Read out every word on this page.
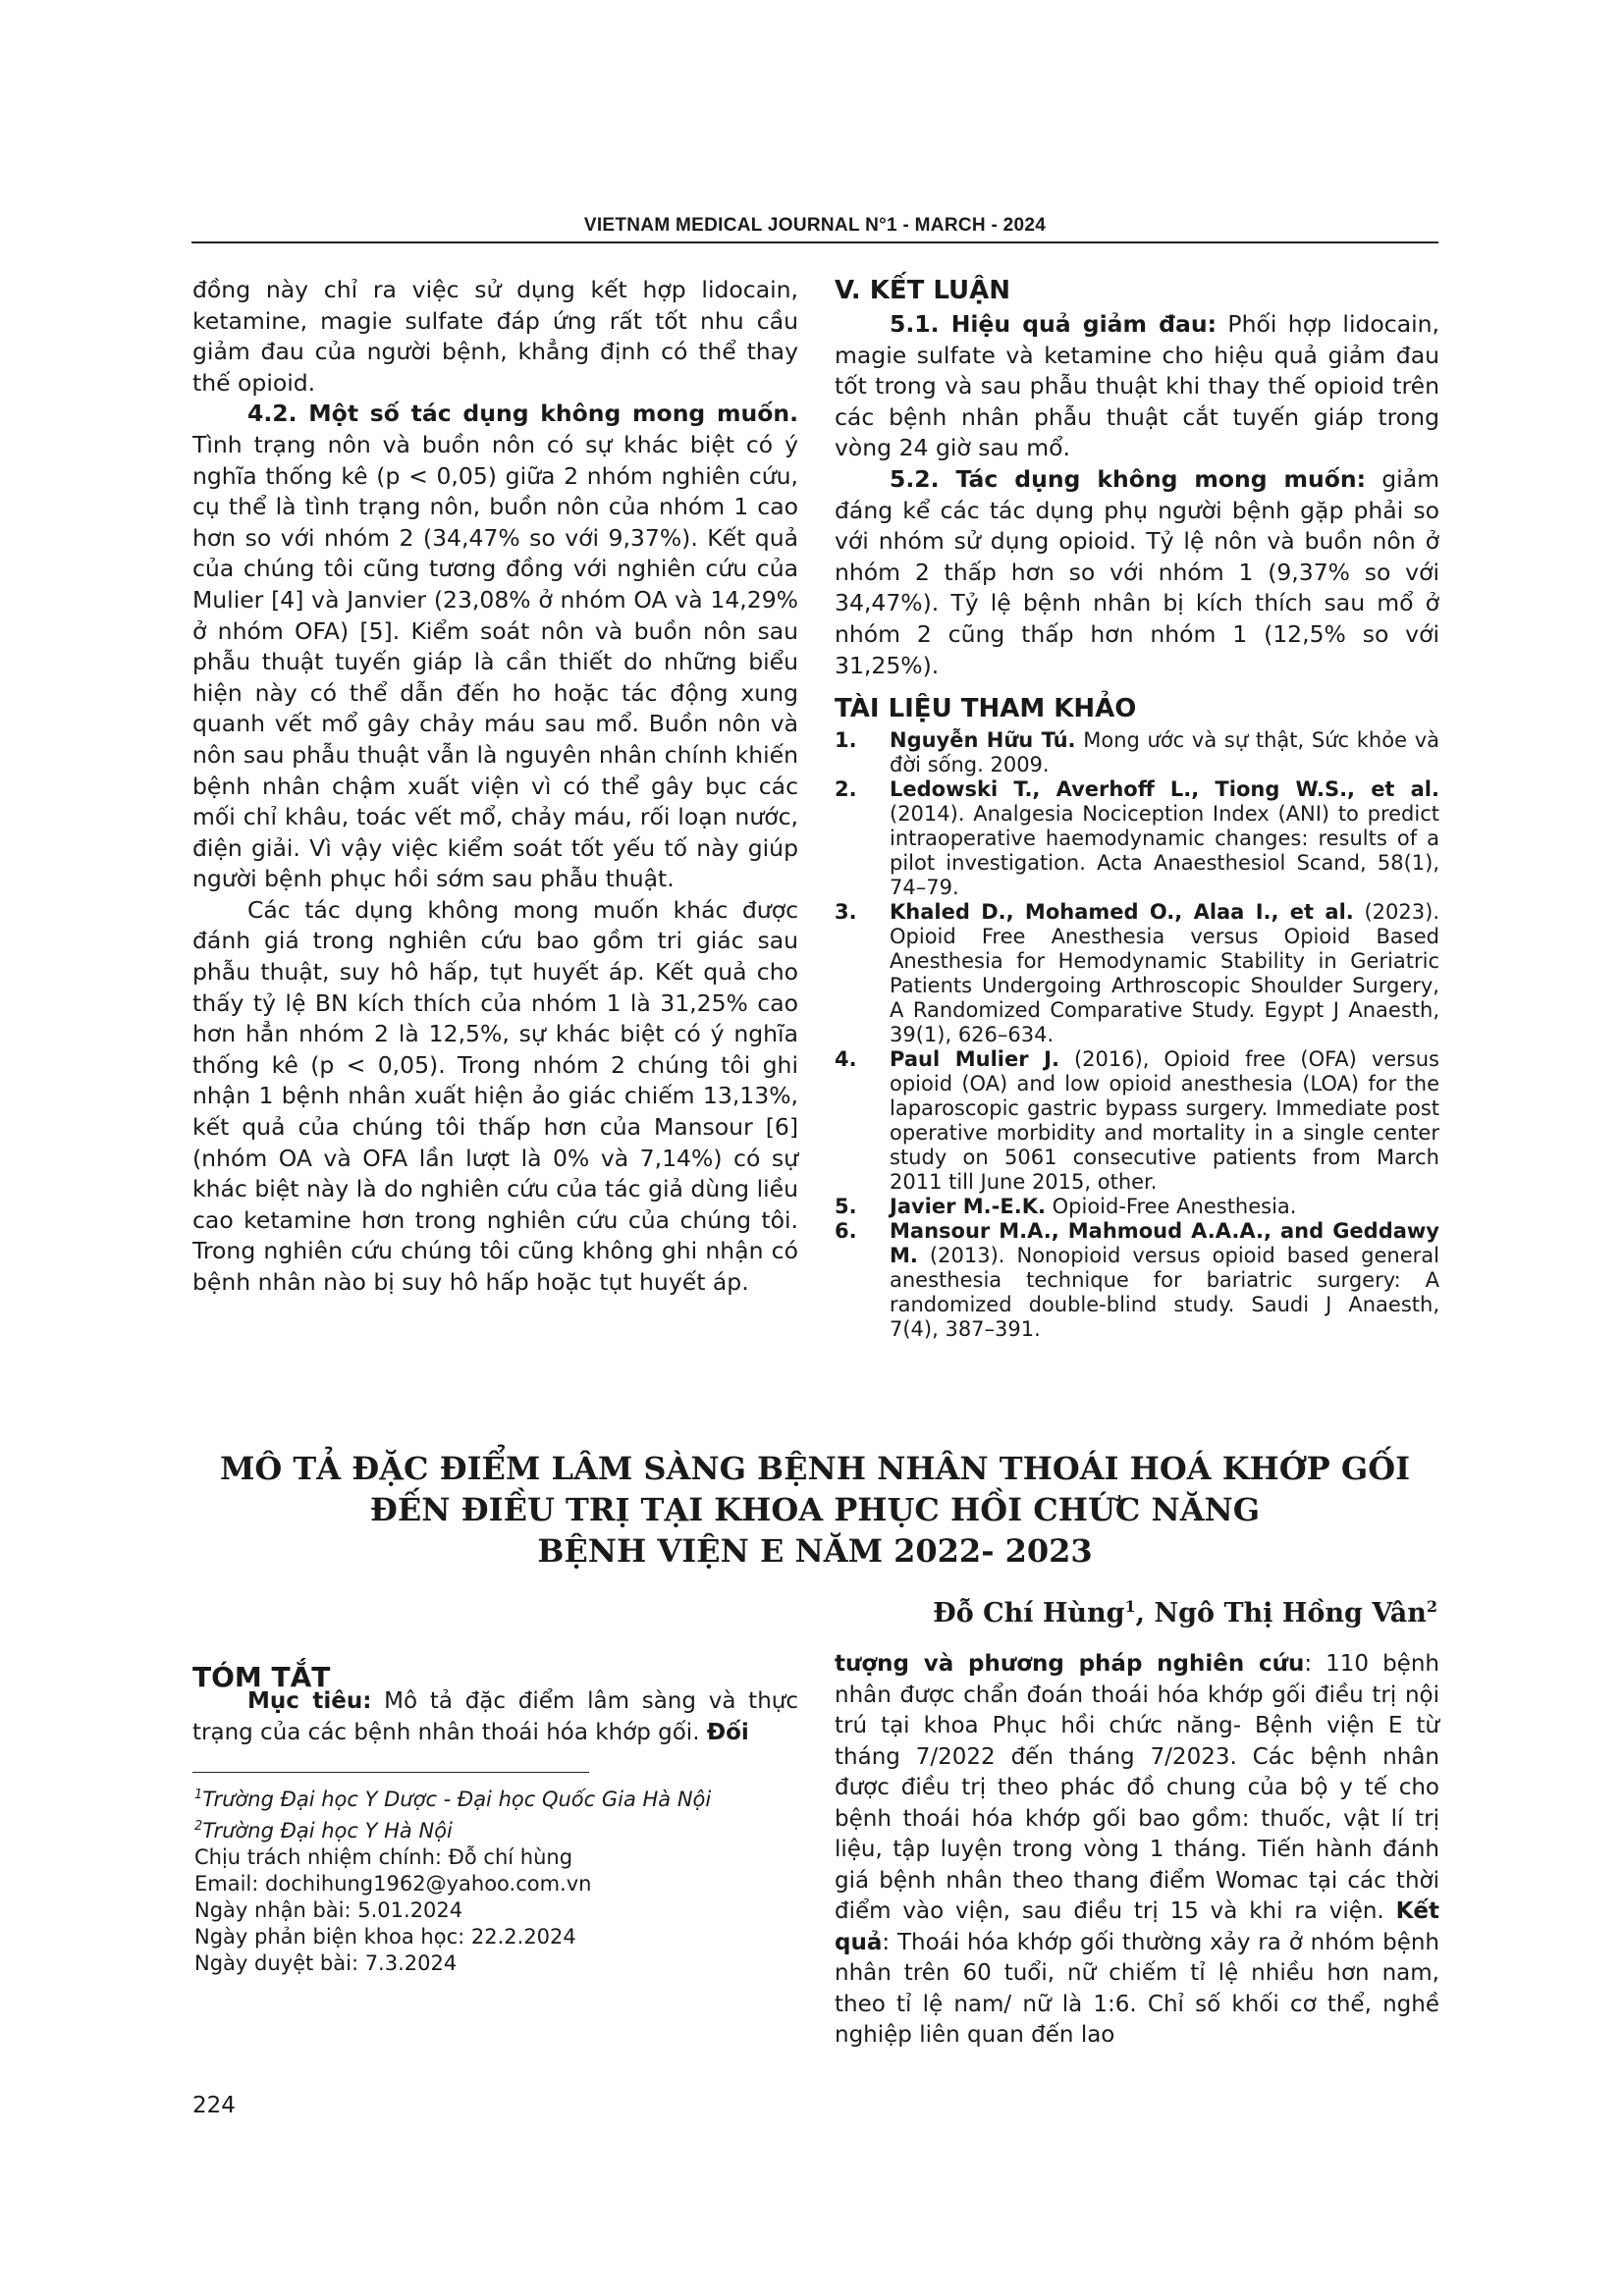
VIETNAM MEDICAL JOURNAL N°1 - MARCH - 2024

đồng này chỉ ra việc sử dụng kết hợp lidocain, ketamine, magie sulfate đáp ứng rất tốt nhu cầu giảm đau của người bệnh, khẳng định có thể thay thế opioid.

4.2. Một số tác dụng không mong muốn. Tình trạng nôn và buồn nôn có sự khác biệt có ý nghĩa thống kê (p < 0,05) giữa 2 nhóm nghiên cứu, cụ thể là tình trạng nôn, buồn nôn của nhóm 1 cao hơn so với nhóm 2 (34,47% so với 9,37%). Kết quả của chúng tôi cũng tương đồng với nghiên cứu của Mulier [4] và Janvier (23,08% ở nhóm OA và 14,29% ở nhóm OFA) [5]. Kiểm soát nôn và buồn nôn sau phẫu thuật tuyến giáp là cần thiết do những biểu hiện này có thể dẫn đến ho hoặc tác động xung quanh vết mổ gây chảy máu sau mổ. Buồn nôn và nôn sau phẫu thuật vẫn là nguyên nhân chính khiến bệnh nhân chậm xuất viện vì có thể gây bục các mối chỉ khâu, toác vết mổ, chảy máu, rối loạn nước, điện giải. Vì vậy việc kiểm soát tốt yếu tố này giúp người bệnh phục hồi sớm sau phẫu thuật.

Các tác dụng không mong muốn khác được đánh giá trong nghiên cứu bao gồm tri giác sau phẫu thuật, suy hô hấp, tụt huyết áp. Kết quả cho thấy tỷ lệ BN kích thích của nhóm 1 là 31,25% cao hơn hẳn nhóm 2 là 12,5%, sự khác biệt có ý nghĩa thống kê (p < 0,05). Trong nhóm 2 chúng tôi ghi nhận 1 bệnh nhân xuất hiện ảo giác chiếm 13,13%, kết quả của chúng tôi thấp hơn của Mansour [6] (nhóm OA và OFA lần lượt là 0% và 7,14%) có sự khác biệt này là do nghiên cứu của tác giả dùng liều cao ketamine hơn trong nghiên cứu của chúng tôi. Trong nghiên cứu chúng tôi cũng không ghi nhận có bệnh nhân nào bị suy hô hấp hoặc tụt huyết áp.

V. KẾT LUẬN

5.1. Hiệu quả giảm đau: Phối hợp lidocain, magie sulfate và ketamine cho hiệu quả giảm đau tốt trong và sau phẫu thuật khi thay thế opioid trên các bệnh nhân phẫu thuật cắt tuyến giáp trong vòng 24 giờ sau mổ.

5.2. Tác dụng không mong muốn: giảm đáng kể các tác dụng phụ người bệnh gặp phải so với nhóm sử dụng opioid. Tỷ lệ nôn và buồn nôn ở nhóm 2 thấp hơn so với nhóm 1 (9,37% so với 34,47%). Tỷ lệ bệnh nhân bị kích thích sau mổ ở nhóm 2 cũng thấp hơn nhóm 1 (12,5% so với 31,25%).

TÀI LIỆU THAM KHẢO
1. Nguyễn Hữu Tú. Mong ước và sự thật, Sức khỏe và đời sống. 2009.
2. Ledowski T., Averhoff L., Tiong W.S., et al. (2014). Analgesia Nociception Index (ANI) to predict intraoperative haemodynamic changes: results of a pilot investigation. Acta Anaesthesiol Scand, 58(1), 74–79.
3. Khaled D., Mohamed O., Alaa I., et al. (2023). Opioid Free Anesthesia versus Opioid Based Anesthesia for Hemodynamic Stability in Geriatric Patients Undergoing Arthroscopic Shoulder Surgery, A Randomized Comparative Study. Egypt J Anaesth, 39(1), 626–634.
4. Paul Mulier J. (2016), Opioid free (OFA) versus opioid (OA) and low opioid anesthesia (LOA) for the laparoscopic gastric bypass surgery. Immediate post operative morbidity and mortality in a single center study on 5061 consecutive patients from March 2011 till June 2015, other.
5. Javier M.-E.K. Opioid-Free Anesthesia.
6. Mansour M.A., Mahmoud A.A.A., and Geddawy M. (2013). Nonopioid versus opioid based general anesthesia technique for bariatric surgery: A randomized double-blind study. Saudi J Anaesth, 7(4), 387–391.
MÔ TẢ ĐẶC ĐIỂM LÂM SÀNG BỆNH NHÂN THOÁI HOÁ KHỚP GỐI
ĐẾN ĐIỀU TRỊ TẠI KHOA PHỤC HỒI CHỨC NĂNG
BỆNH VIỆN E NĂM 2022- 2023
Đỗ Chí Hùng$^1$, Ngô Thị Hồng Vân$^2$
TÓM TẮT

Mục tiêu: Mô tả đặc điểm lâm sàng và thực trạng của các bệnh nhân thoái hóa khớp gối. Đối

$^1$Trường Đại học Y Dược - Đại học Quốc Gia Hà Nội
$^2$Trường Đại học Y Hà Nội
Chịu trách nhiệm chính: Đỗ chí hùng
Email: dochihung1962@yahoo.com.vn
Ngày nhận bài: 5.01.2024
Ngày phản biện khoa học: 22.2.2024
Ngày duyệt bài: 7.3.2024

tượng và phương pháp nghiên cứu: 110 bệnh nhân được chẩn đoán thoái hóa khớp gối điều trị nội trú tại khoa Phục hồi chức năng- Bệnh viện E từ tháng 7/2022 đến tháng 7/2023. Các bệnh nhân được điều trị theo phác đồ chung của bộ y tế cho bệnh thoái hóa khớp gối bao gồm: thuốc, vật lí trị liệu, tập luyện trong vòng 1 tháng. Tiến hành đánh giá bệnh nhân theo thang điểm Womac tại các thời điểm vào viện, sau điều trị 15 và khi ra viện. Kết quả: Thoái hóa khớp gối thường xảy ra ở nhóm bệnh nhân trên 60 tuổi, nữ chiếm tỉ lệ nhiều hơn nam, theo tỉ lệ nam/ nữ là 1:6. Chỉ số khối cơ thể, nghề nghiệp liên quan đến lao

224
